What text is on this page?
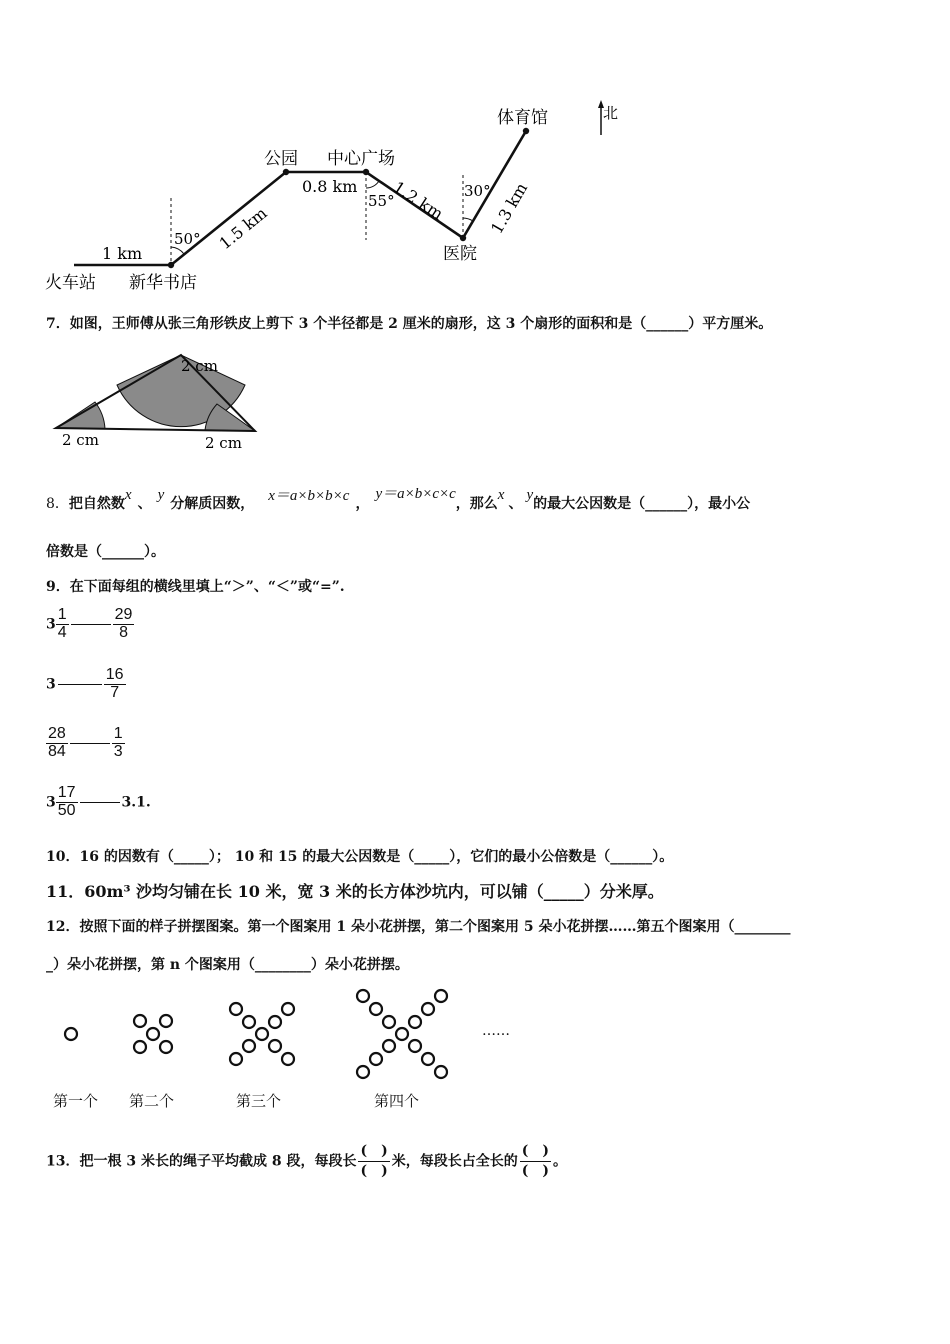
北
体育馆
公园 中心广场
0.8 km 1.2 km	1.3 km
1.5 km
1 km
50°
55°
30°
医院
火车站 新华书店
7．如图，王师傅从张三角形铁皮上剪下 3 个半径都是 2 厘米的扇形，这 3 个扇形的面积和是（______）平方厘米。
2 cm
2 cm	2 cm
8．把自然数x、y分解质因数， x＝a×b×b×c ，y＝a×b×c×c，那么x、y的最大公因数是（______），最小公
倍数是（______）。
9．在下面每组的横线里填上“＞”、“＜”或“=”.
$3 \frac{1}{4}$	$\frac{29}{8}$
3	$\frac{16}{7}$
$\frac{28}{84}$	$\frac{1}{3}$
$3 \frac{17}{50}$	3.1.
10．16 的因数有（_____）； 10 和 15 的最大公因数是（_____），它们的最小公倍数是（______）。
11．60m³ 沙均匀铺在长 10 米，宽 3 米的长方体沙坑内，可以铺（_____）分米厚。
12．按照下面的样子拼摆图案。第一个图案用 1 朵小花拼摆，第二个图案用 5 朵小花拼摆……第五个图案用（________
_）朵小花拼摆，第 n 个图案用（________）朵小花拼摆。
……
第一个 第二个	第三个	第四个
13．把一根 3 米长的绳子平均截成 8 段，每段长 $\frac{( )}{( )}$ 米，每段长占全长的 $\frac{( )}{( )}$ 。
